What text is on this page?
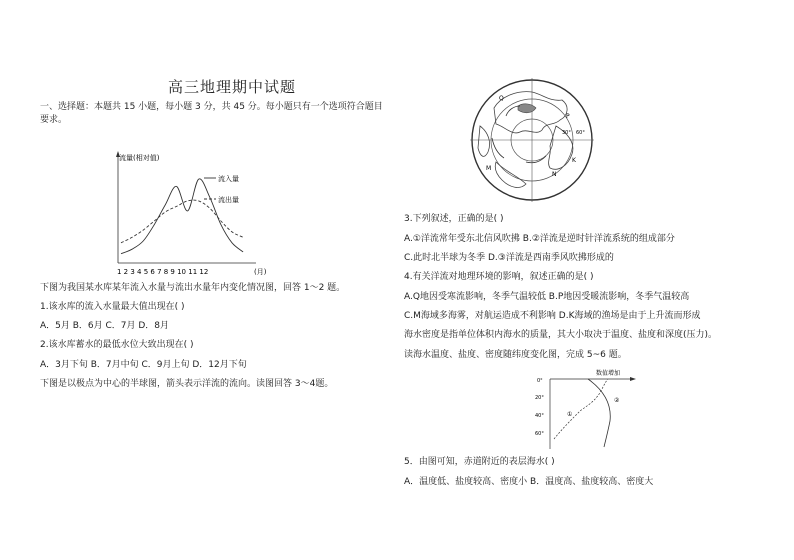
高三地理期中试题
一、选择题：本题共 15 小题，每小题 3 分，共 45 分。每小题只有一个选项符合题目要求。
流量(相对值)
流入量
流出量
1 2 3 4 5 6 7 8 9 10 11 12	(月)
下图为我国某水库某年流入水量与流出水量年内变化情况图，回答 1～2 题。
1.该水库的流入水量最大值出现在( )
A．5月 B．6月 C．7月 D．8月
2.该水库蓄水的最低水位大致出现在( )
A．3月下旬 B．7月中旬 C．9月上旬 D．12月下旬
下图是以极点为中心的半球图，箭头表示洋流的流向。读图回答 3～4题。
Q
P
M
N
K
30° 60°
3.下列叙述，正确的是( )
A.①洋流常年受东北信风吹拂 B.②洋流是逆时针洋流系统的组成部分
C.此时北半球为冬季 D.③洋流是西南季风吹拂形成的
4.有关洋流对地理环境的影响，叙述正确的是( )
A.Q地因受寒流影响，冬季气温较低 B.P地因受暖流影响，冬季气温较高
C.M海域多海雾，对航运造成不利影响 D.K海域的渔场是由于上升流而形成
海水密度是指单位体积内海水的质量，其大小取决于温度、盐度和深度(压力)。
读海水温度、盐度、密度随纬度变化图，完成 5~6 题。
数值增加
0°
20°
40°
60°
①
②
5．由图可知，赤道附近的表层海水( )
A．温度低、盐度较高、密度小 B．温度高、盐度较高、密度大
